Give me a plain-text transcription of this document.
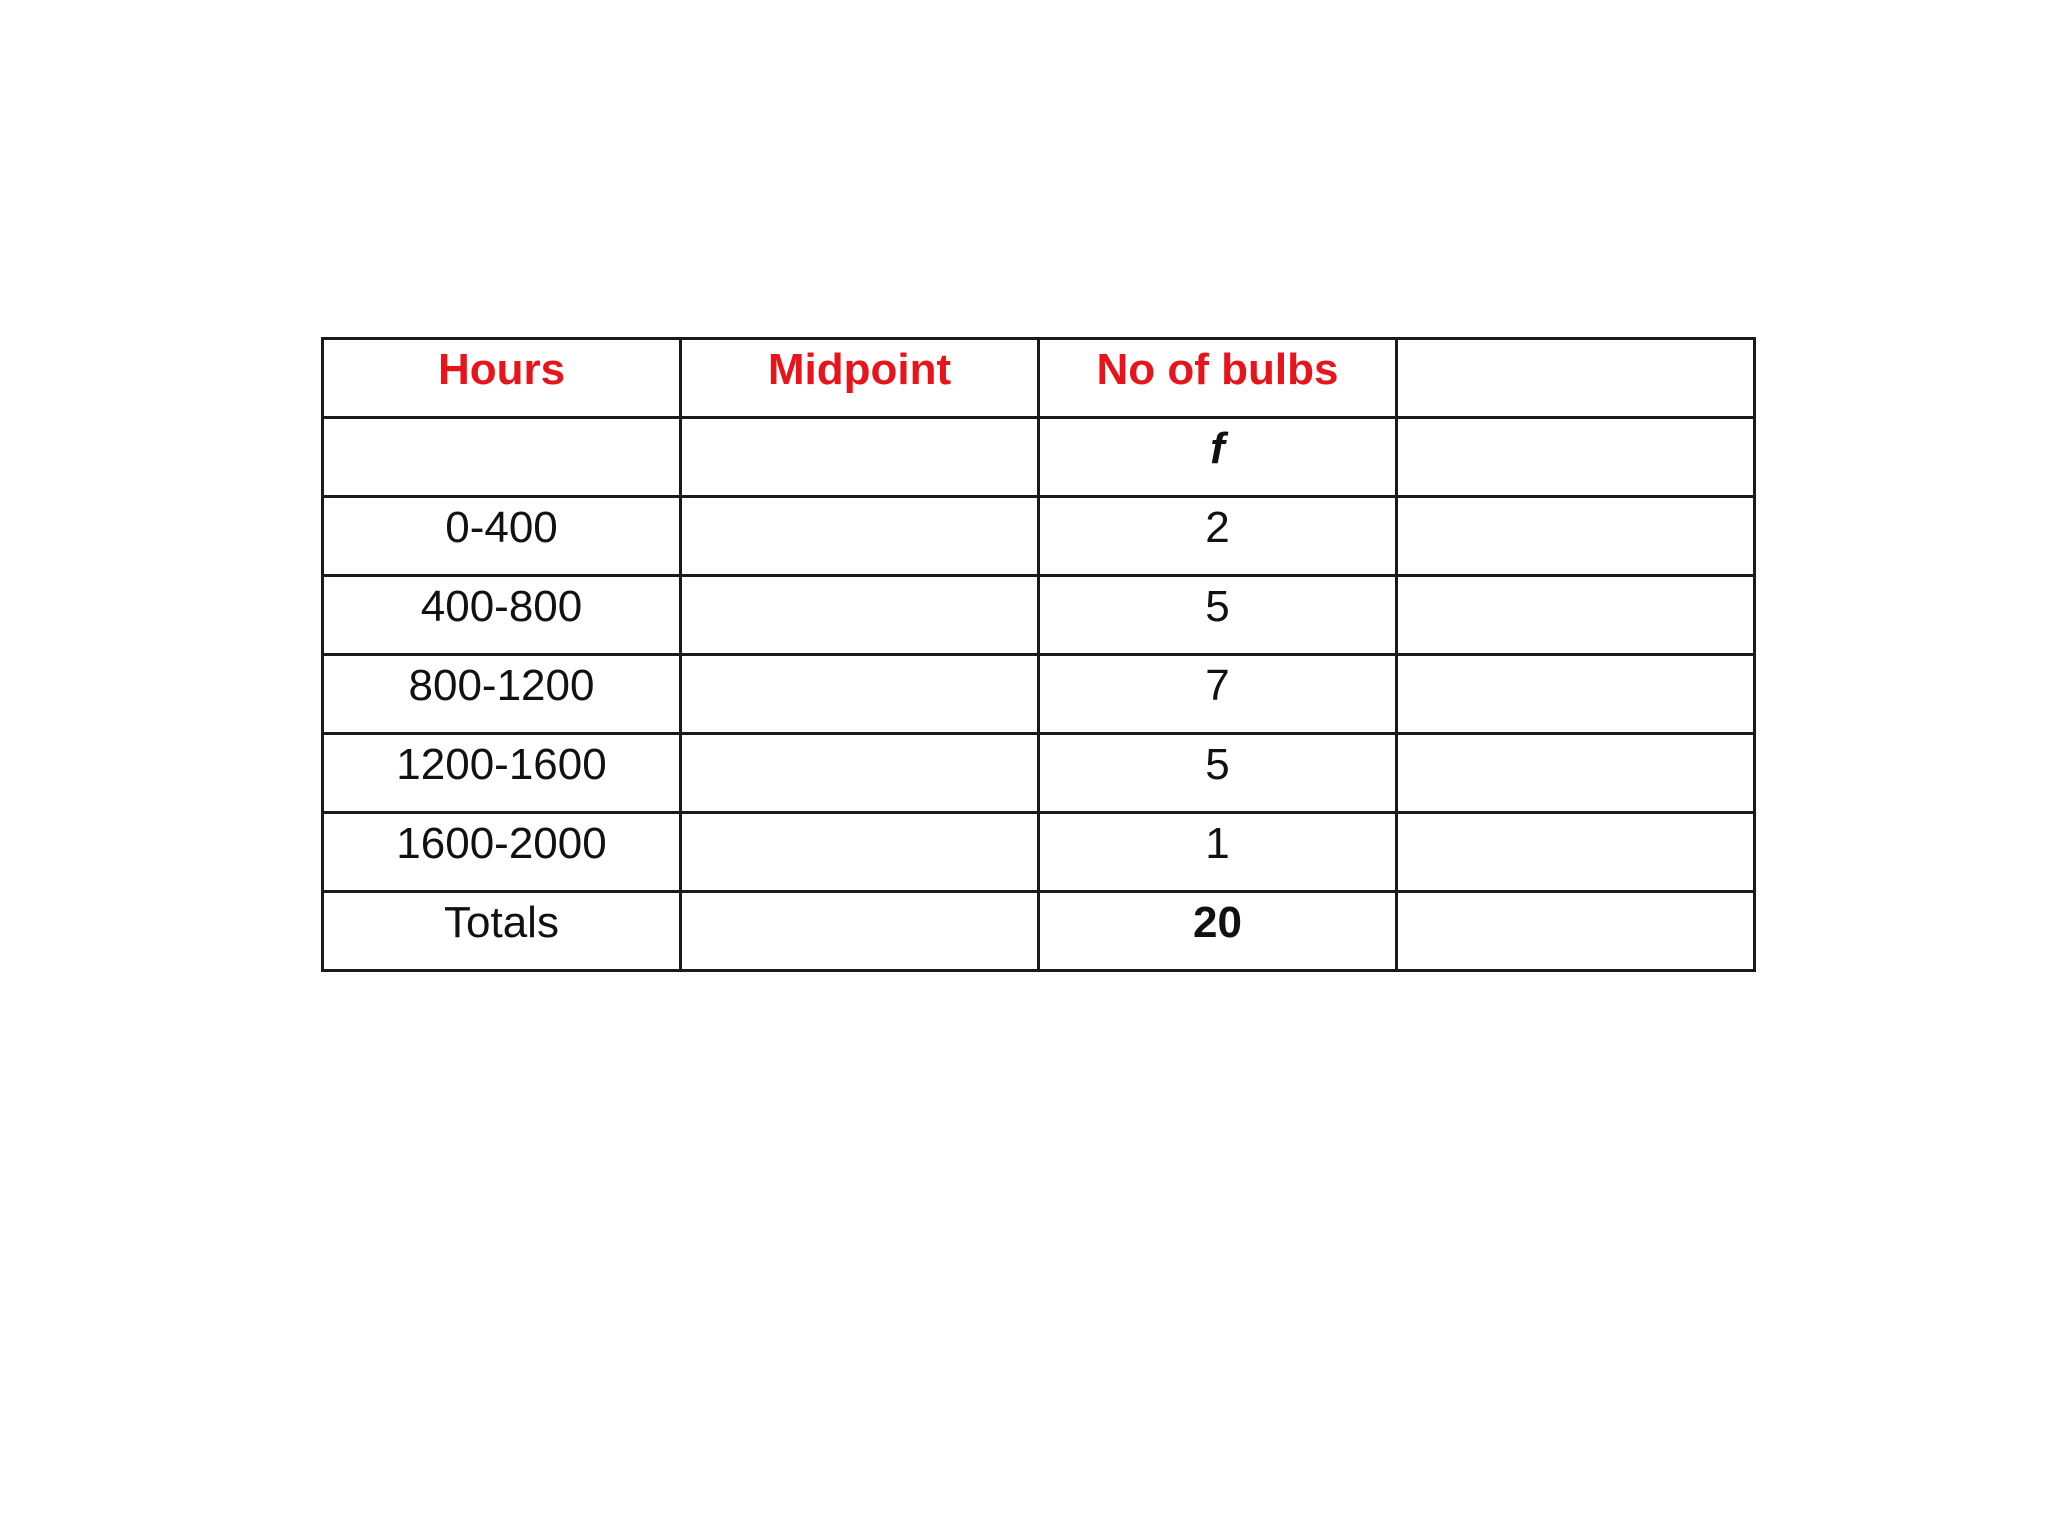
Hours	Midpoint	No of bulbs	
		f	
0-400		2	
400-800		5	
800-1200		7	
1200-1600		5	
1600-2000		1	
Totals		20	
